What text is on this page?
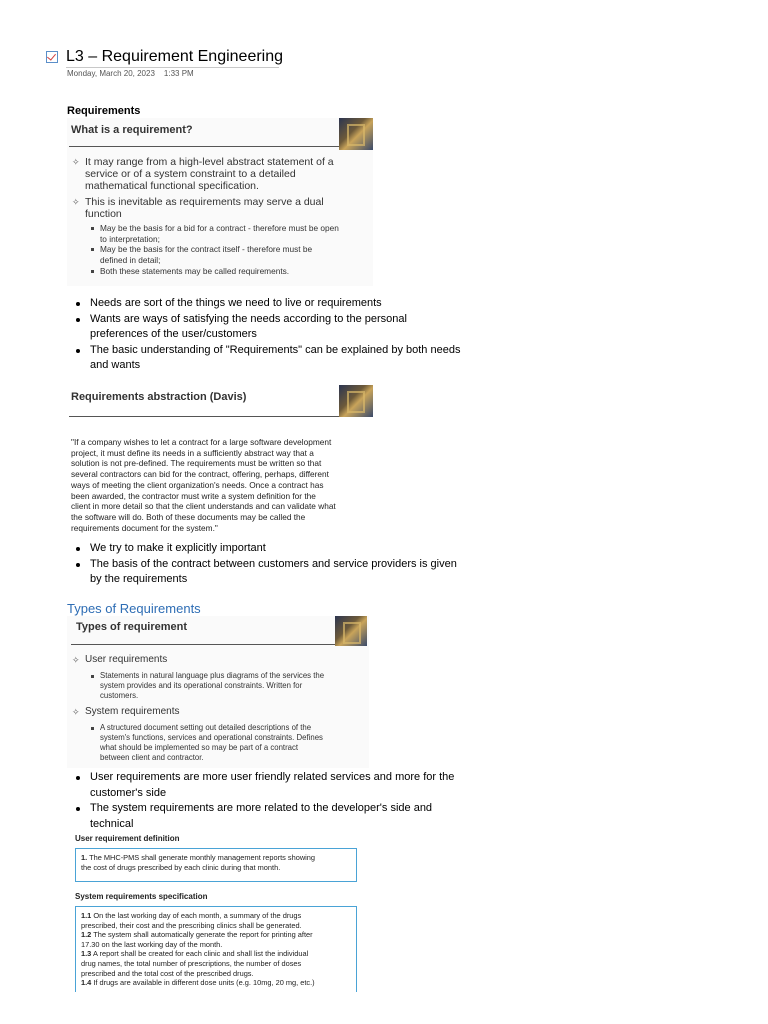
L3 – Requirement Engineering
Monday, March 20, 2023 1:33 PM
Requirements
What is a requirement?
✧ It may range from a high-level abstract statement of a
service or of a system constraint to a detailed
mathematical functional specification.
✧ This is inevitable as requirements may serve a dual
function
May be the basis for a bid for a contract - therefore must be open
to interpretation;
May be the basis for the contract itself - therefore must be
defined in detail;
Both these statements may be called requirements.
Needs are sort of the things we need to live or requirements
Wants are ways of satisfying the needs according to the personal preferences of the user/customers
The basic understanding of "Requirements" can be explained by both needs and wants
Requirements abstraction (Davis)
"If a company wishes to let a contract for a large software development
project, it must define its needs in a sufficiently abstract way that a
solution is not pre-defined. The requirements must be written so that
several contractors can bid for the contract, offering, perhaps, different
ways of meeting the client organization's needs. Once a contract has
been awarded, the contractor must write a system definition for the
client in more detail so that the client understands and can validate what
the software will do. Both of these documents may be called the
requirements document for the system."
We try to make it explicitly important
The basis of the contract between customers and service providers is given by the requirements
Types of Requirements
Types of requirement
✧ User requirements
Statements in natural language plus diagrams of the services the
system provides and its operational constraints. Written for
customers.
✧ System requirements
A structured document setting out detailed descriptions of the
system's functions, services and operational constraints. Defines
what should be implemented so may be part of a contract
between client and contractor.
User requirements are more user friendly related services and more for the customer's side
The system requirements are more related to the developer's side and technical
User requirement definition

1. The MHC-PMS shall generate monthly management reports showing
the cost of drugs prescribed by each clinic during that month.

System requirements specification

1.1 On the last working day of each month, a summary of the drugs
prescribed, their cost and the prescribing clinics shall be generated.

1.2 The system shall automatically generate the report for printing after
17.30 on the last working day of the month.

1.3 A report shall be created for each clinic and shall list the individual
drug names, the total number of prescriptions, the number of doses
prescribed and the total cost of the prescribed drugs.

1.4 If drugs are available in different dose units (e.g. 10mg, 20 mg, etc.)
